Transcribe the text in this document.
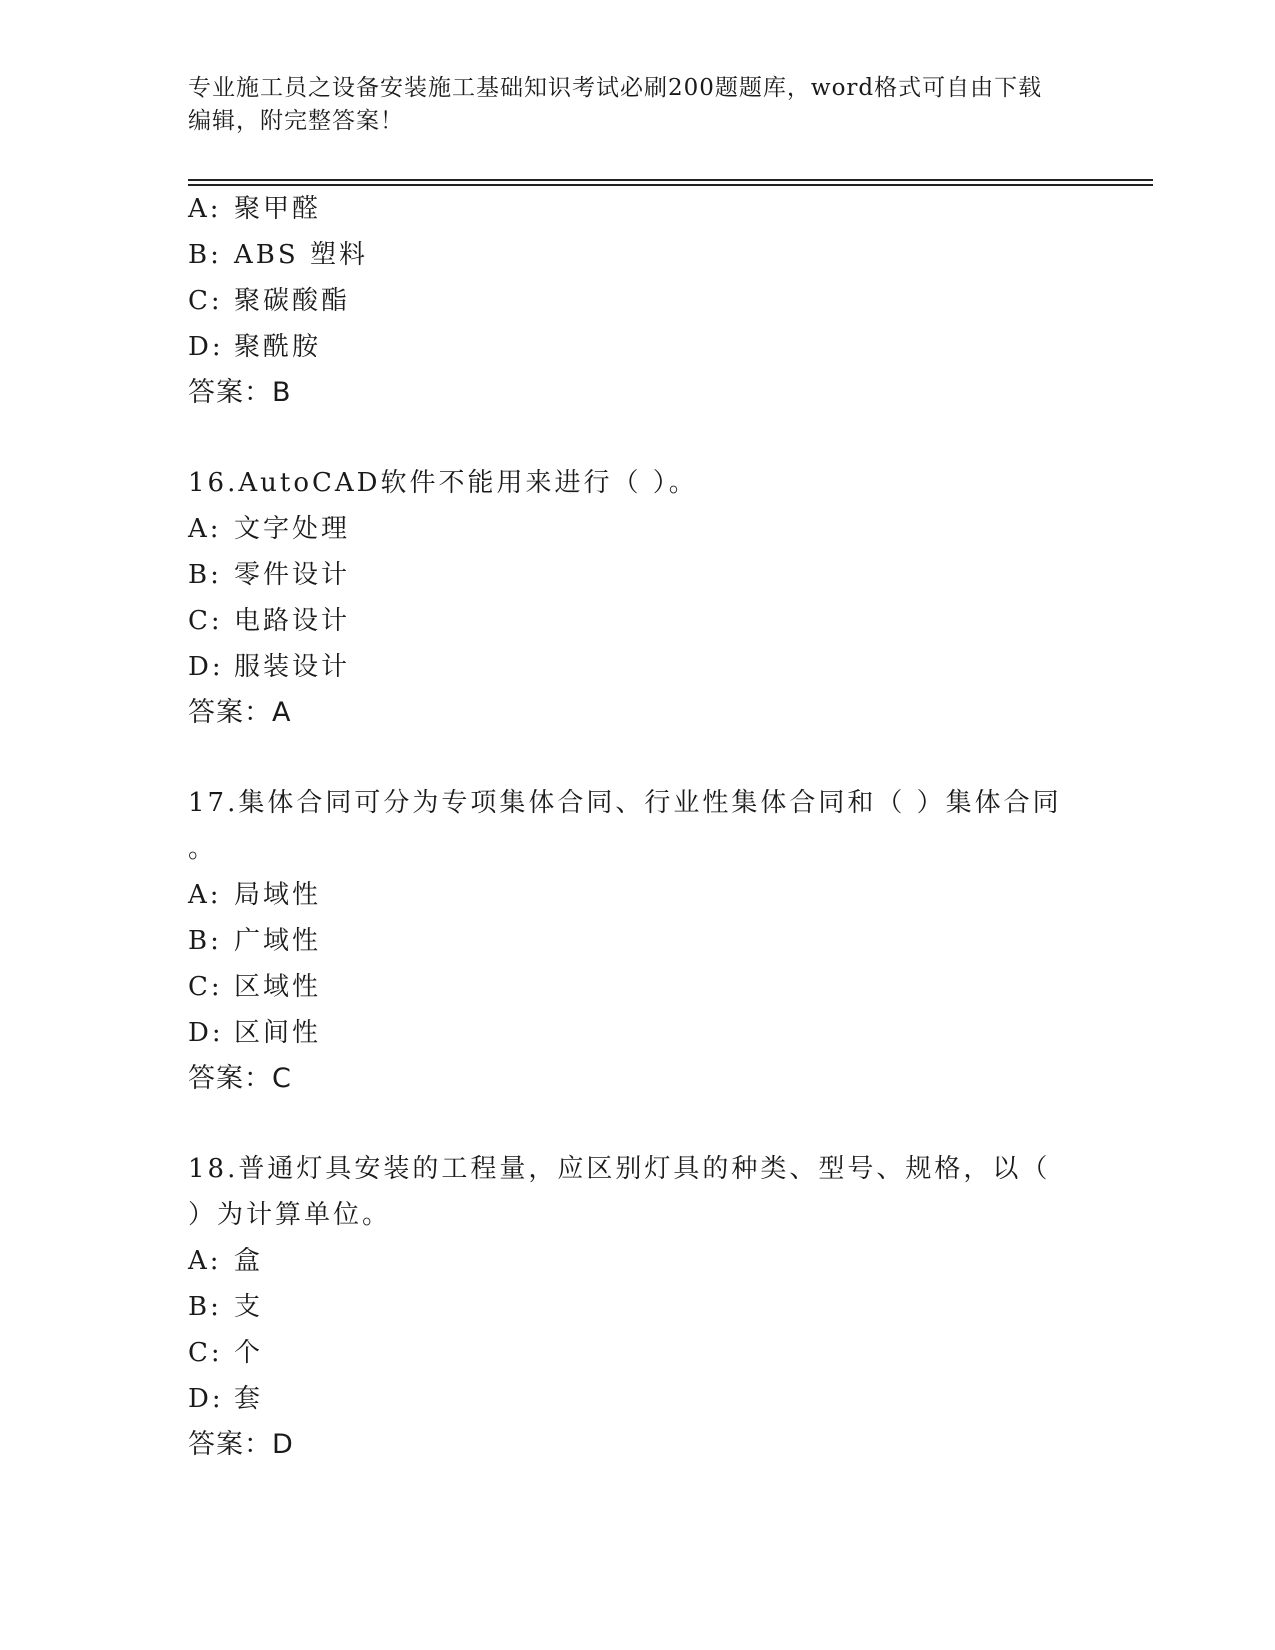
专业施工员之设备安装施工基础知识考试必刷200题题库，word格式可自由下载
编辑，附完整答案！
A: 聚甲醛
B: ABS 塑料
C: 聚碳酸酯
D: 聚酰胺
答案：B
16.AutoCAD软件不能用来进行（ ）。
A: 文字处理
B: 零件设计
C: 电路设计
D: 服装设计
答案：A
17.集体合同可分为专项集体合同、行业性集体合同和（ ）集体合同
。
A: 局域性
B: 广域性
C: 区域性
D: 区间性
答案：C
18.普通灯具安装的工程量，应区别灯具的种类、型号、规格，以（
）为计算单位。
A: 盒
B: 支
C: 个
D: 套
答案：D
